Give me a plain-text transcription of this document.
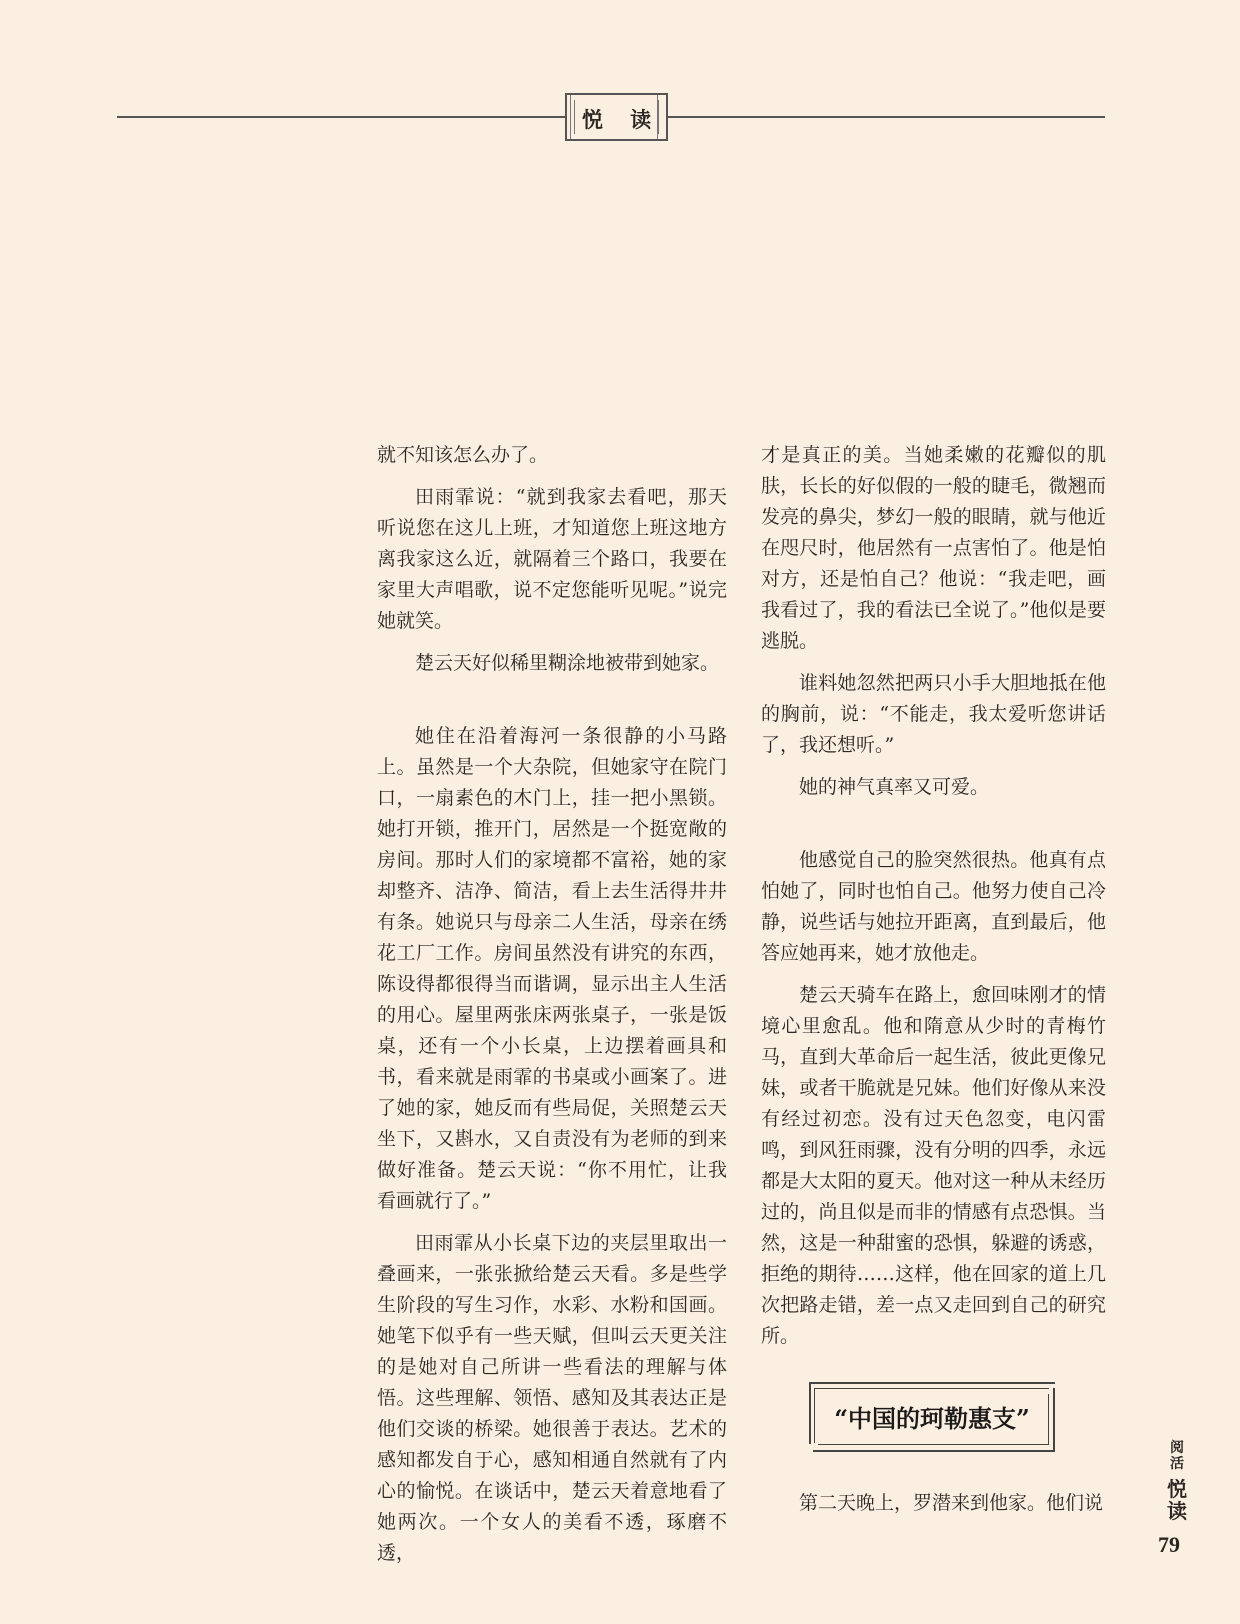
悦 读

就不知该怎么办了。

田雨霏说：“就到我家去看吧，那天听说您在这儿上班，才知道您上班这地方离我家这么近，就隔着三个路口，我要在家里大声唱歌，说不定您能听见呢。”说完她就笑。

楚云天好似稀里糊涂地被带到她家。

她住在沿着海河一条很静的小马路上。虽然是一个大杂院，但她家守在院门口，一扇素色的木门上，挂一把小黑锁。她打开锁，推开门，居然是一个挺宽敞的房间。那时人们的家境都不富裕，她的家却整齐、洁净、简洁，看上去生活得井井有条。她说只与母亲二人生活，母亲在绣花工厂工作。房间虽然没有讲究的东西，陈设得都很得当而谐调，显示出主人生活的用心。屋里两张床两张桌子，一张是饭桌，还有一个小长桌，上边摆着画具和书，看来就是雨霏的书桌或小画案了。进了她的家，她反而有些局促，关照楚云天坐下，又斟水，又自责没有为老师的到来做好准备。楚云天说：“你不用忙，让我看画就行了。”

田雨霏从小长桌下边的夹层里取出一叠画来，一张张掀给楚云天看。多是些学生阶段的写生习作，水彩、水粉和国画。她笔下似乎有一些天赋，但叫云天更关注的是她对自己所讲一些看法的理解与体悟。这些理解、领悟、感知及其表达正是他们交谈的桥梁。她很善于表达。艺术的感知都发自于心，感知相通自然就有了内心的愉悦。在谈话中，楚云天着意地看了她两次。一个女人的美看不透，琢磨不透，

才是真正的美。当她柔嫩的花瓣似的肌肤，长长的好似假的一般的睫毛，微翘而发亮的鼻尖，梦幻一般的眼睛，就与他近在咫尺时，他居然有一点害怕了。他是怕对方，还是怕自己？他说：“我走吧，画我看过了，我的看法已全说了。”他似是要逃脱。

谁料她忽然把两只小手大胆地抵在他的胸前，说：“不能走，我太爱听您讲话了，我还想听。”

她的神气真率又可爱。

他感觉自己的脸突然很热。他真有点怕她了，同时也怕自己。他努力使自己冷静，说些话与她拉开距离，直到最后，他答应她再来，她才放他走。

楚云天骑车在路上，愈回味刚才的情境心里愈乱。他和隋意从少时的青梅竹马，直到大革命后一起生活，彼此更像兄妹，或者干脆就是兄妹。他们好像从来没有经过初恋。没有过天色忽变，电闪雷鸣，到风狂雨骤，没有分明的四季，永远都是大太阳的夏天。他对这一种从未经历过的，尚且似是而非的情感有点恐惧。当然，这是一种甜蜜的恐惧，躲避的诱惑，拒绝的期待……这样，他在回家的道上几次把路走错，差一点又走回到自己的研究所。

“中国的珂勒惠支”

第二天晚上，罗潜来到他家。他们说

阅
活
悦读
79
